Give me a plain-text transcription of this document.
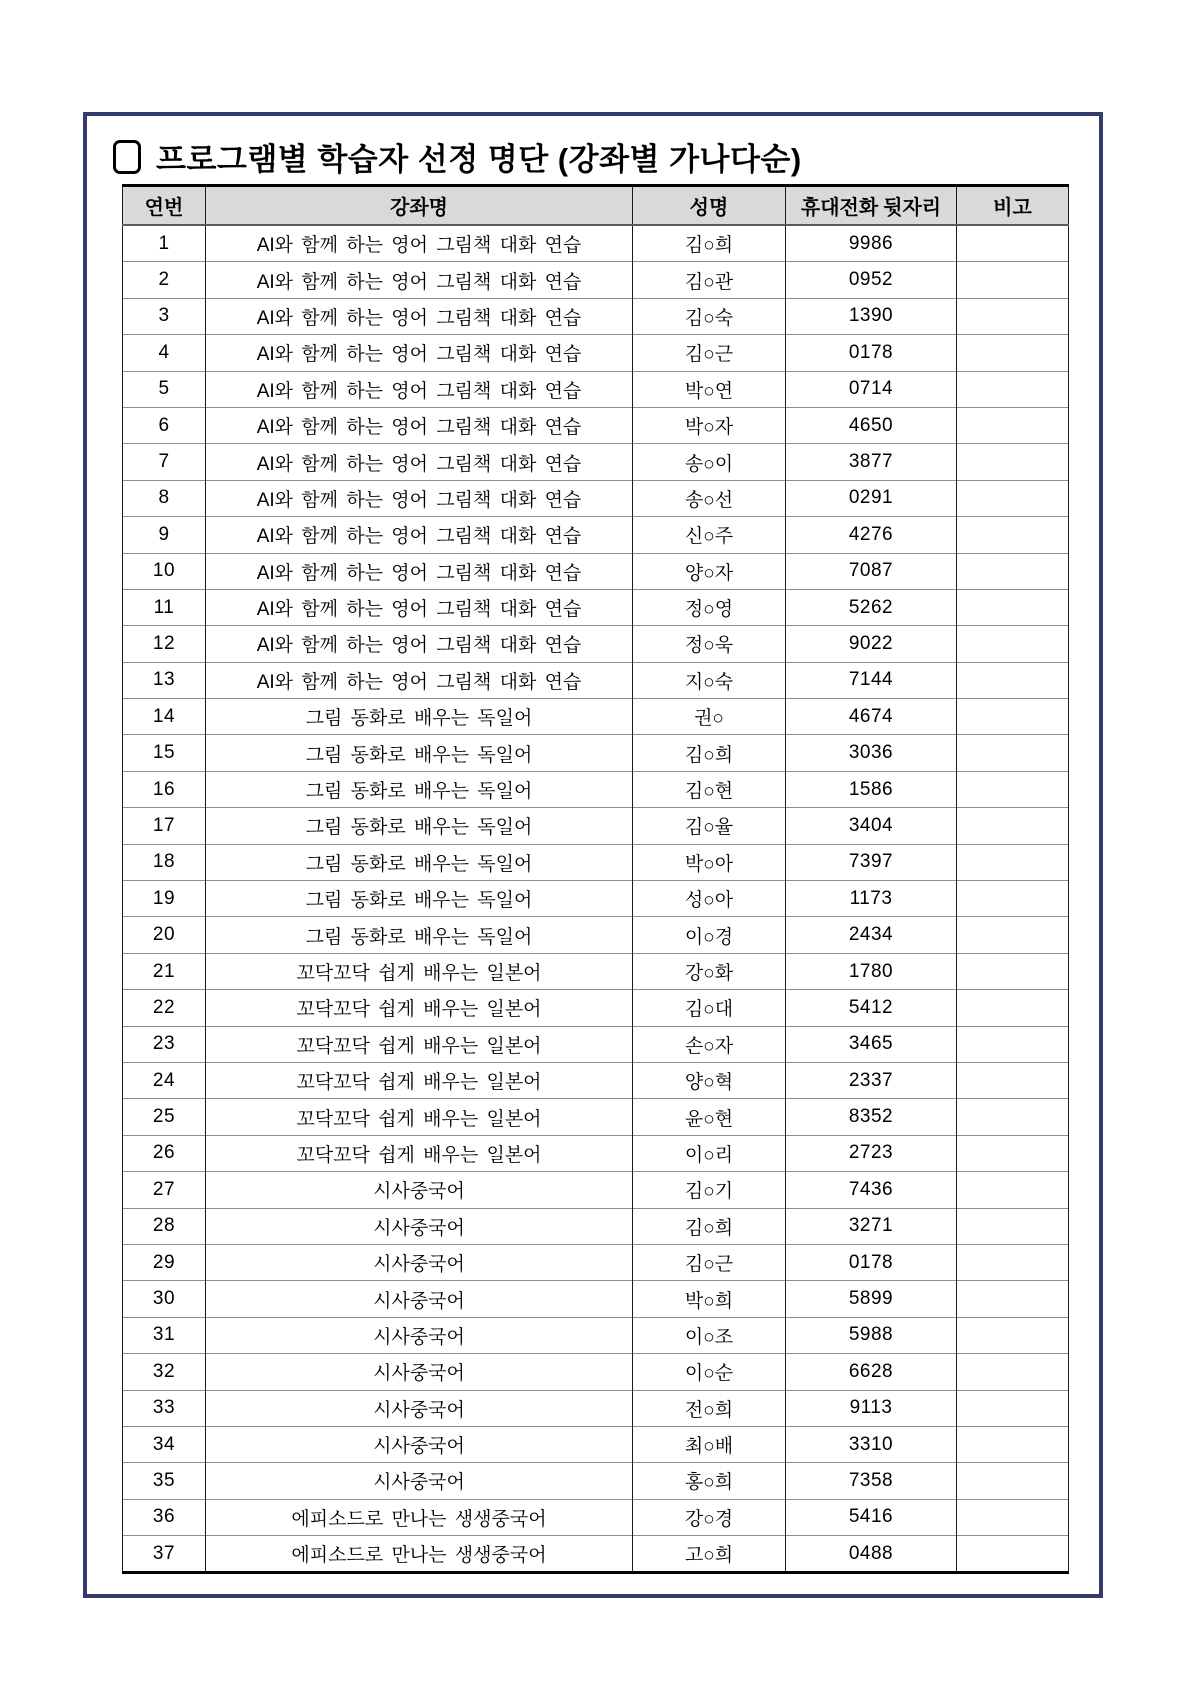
프로그램별 학습자 선정 명단 (강좌별 가나다순)
연번	강좌명	성명	휴대전화 뒷자리	비고
1	AI와 함께 하는 영어 그림책 대화 연습	김○희	9986	
2	AI와 함께 하는 영어 그림책 대화 연습	김○관	0952	
3	AI와 함께 하는 영어 그림책 대화 연습	김○숙	1390	
4	AI와 함께 하는 영어 그림책 대화 연습	김○근	0178	
5	AI와 함께 하는 영어 그림책 대화 연습	박○연	0714	
6	AI와 함께 하는 영어 그림책 대화 연습	박○자	4650	
7	AI와 함께 하는 영어 그림책 대화 연습	송○이	3877	
8	AI와 함께 하는 영어 그림책 대화 연습	송○선	0291	
9	AI와 함께 하는 영어 그림책 대화 연습	신○주	4276	
10	AI와 함께 하는 영어 그림책 대화 연습	양○자	7087	
11	AI와 함께 하는 영어 그림책 대화 연습	정○영	5262	
12	AI와 함께 하는 영어 그림책 대화 연습	정○욱	9022	
13	AI와 함께 하는 영어 그림책 대화 연습	지○숙	7144	
14	그림 동화로 배우는 독일어	권○	4674	
15	그림 동화로 배우는 독일어	김○희	3036	
16	그림 동화로 배우는 독일어	김○현	1586	
17	그림 동화로 배우는 독일어	김○율	3404	
18	그림 동화로 배우는 독일어	박○아	7397	
19	그림 동화로 배우는 독일어	성○아	1173	
20	그림 동화로 배우는 독일어	이○경	2434	
21	꼬닥꼬닥 쉽게 배우는 일본어	강○화	1780	
22	꼬닥꼬닥 쉽게 배우는 일본어	김○대	5412	
23	꼬닥꼬닥 쉽게 배우는 일본어	손○자	3465	
24	꼬닥꼬닥 쉽게 배우는 일본어	양○혁	2337	
25	꼬닥꼬닥 쉽게 배우는 일본어	윤○현	8352	
26	꼬닥꼬닥 쉽게 배우는 일본어	이○리	2723	
27	시사중국어	김○기	7436	
28	시사중국어	김○희	3271	
29	시사중국어	김○근	0178	
30	시사중국어	박○희	5899	
31	시사중국어	이○조	5988	
32	시사중국어	이○순	6628	
33	시사중국어	전○희	9113	
34	시사중국어	최○배	3310	
35	시사중국어	홍○희	7358	
36	에피소드로 만나는 생생중국어	강○경	5416	
37	에피소드로 만나는 생생중국어	고○희	0488	
